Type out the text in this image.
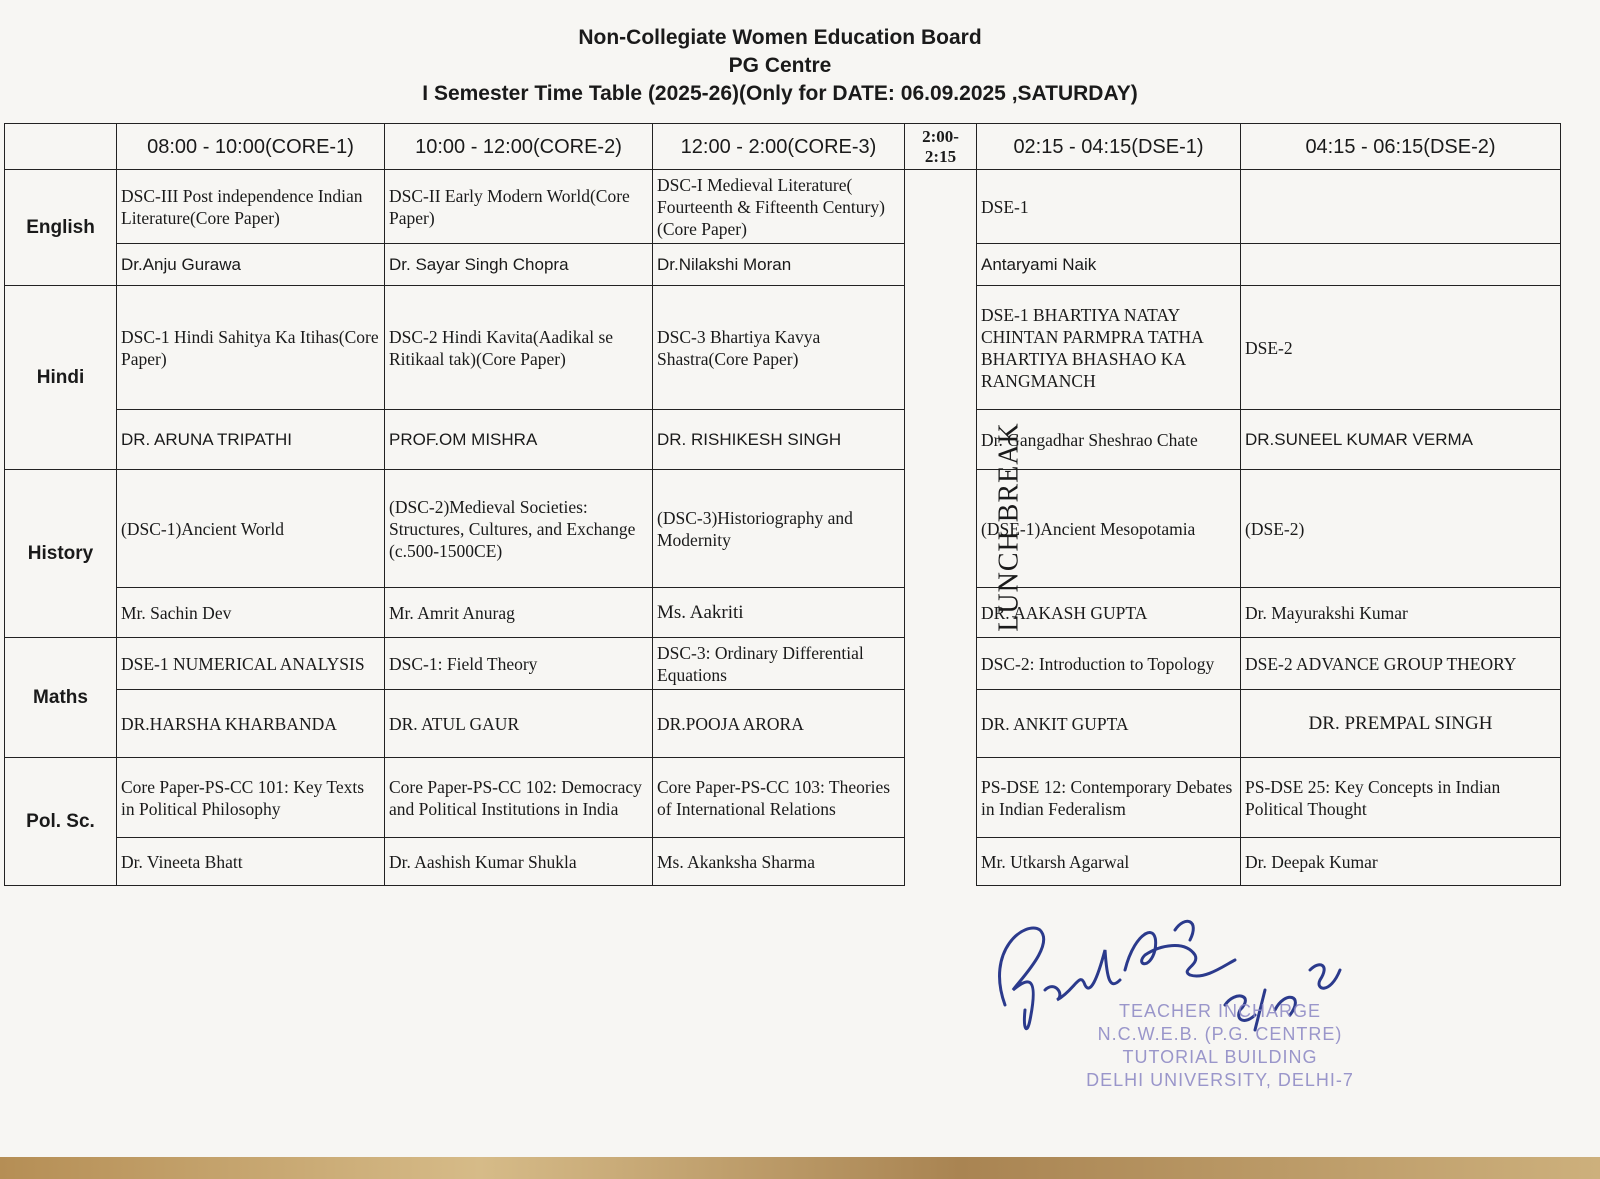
Non-Collegiate Women Education Board
PG Centre
I Semester Time Table (2025-26)(Only for DATE: 06.09.2025 ,SATURDAY)
	08:00 - 10:00(CORE-1)	10:00 - 12:00(CORE-2)	12:00 - 2:00(CORE-3)	2:00- 2:15	02:15 - 04:15(DSE-1)	04:15 - 06:15(DSE-2)
English	DSC-III Post independence Indian Literature(Core Paper)	DSC-II Early Modern World(Core Paper)	DSC-I Medieval Literature( Fourteenth & Fifteenth Century) (Core Paper)	LUNCH BREAK	DSE-1	
	Dr.Anju Gurawa	Dr. Sayar Singh Chopra	Dr.Nilakshi Moran		Antaryami Naik	
Hindi	DSC-1 Hindi Sahitya Ka Itihas(Core Paper)	DSC-2 Hindi Kavita(Aadikal se Ritikaal tak)(Core Paper)	DSC-3 Bhartiya Kavya Shastra(Core Paper)		DSE-1 BHARTIYA NATAY CHINTAN PARMPRA TATHA BHARTIYA BHASHAO KA RANGMANCH	DSE-2
	DR. ARUNA TRIPATHI	PROF.OM MISHRA	DR. RISHIKESH SINGH		Dr. Gangadhar Sheshrao Chate	DR.SUNEEL KUMAR VERMA
History	(DSC-1)Ancient World	(DSC-2)Medieval Societies: Structures, Cultures, and Exchange (c.500-1500CE)	(DSC-3)Historiography and Modernity		(DSE-1)Ancient Mesopotamia	(DSE-2)
	Mr. Sachin Dev	Mr. Amrit Anurag	Ms. Aakriti		DR. AAKASH GUPTA	Dr. Mayurakshi Kumar
Maths	DSE-1 NUMERICAL ANALYSIS	DSC-1: Field Theory	DSC-3: Ordinary Differential Equations		DSC-2: Introduction to Topology	DSE-2 ADVANCE GROUP THEORY
	DR.HARSHA KHARBANDA	DR. ATUL GAUR	DR.POOJA ARORA		DR. ANKIT GUPTA	DR. PREMPAL SINGH
Pol. Sc.	Core Paper-PS-CC 101: Key Texts in Political Philosophy	Core Paper-PS-CC 102: Democracy and Political Institutions in India	Core Paper-PS-CC 103: Theories of International Relations		PS-DSE 12: Contemporary Debates in Indian Federalism	PS-DSE 25: Key Concepts in Indian Political Thought
	Dr. Vineeta Bhatt	Dr. Aashish Kumar Shukla	Ms. Akanksha Sharma		Mr. Utkarsh Agarwal	Dr. Deepak Kumar
TEACHER INCHARGE
N.C.W.E.B. (P.G. CENTRE)
TUTORIAL BUILDING
DELHI UNIVERSITY, DELHI-7
